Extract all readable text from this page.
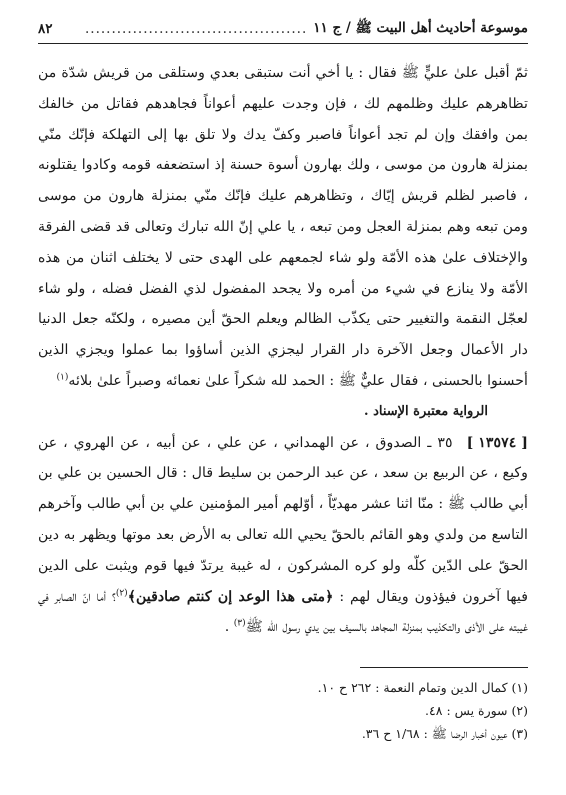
موسوعة أحاديث أهل البيت ﷺ / ج ١١
..........................................
٨٢

ثمّ أقبل علىٰ عليٍّ ﷺ فقال : يا أخي أنت ستبقى بعدي وستلقى من قريش شدّة من تظاهرهم عليك وظلمهم لك ، فإن وجدت عليهم أعواناً فجاهدهم فقاتل من خالفك بمن وافقك وإن لم تجد أعواناً فاصبر وكفّ يدك ولا تلق بها إلى التهلكة فإنّك منّي بمنزلة هارون من موسى ، ولك بهارون أسوة حسنة إذ استضعفه قومه وكادوا يقتلونه ، فاصبر لظلم قريش إيّاك ، وتظاهرهم عليك فإنّك منّي بمنزلة هارون من موسى ومن تبعه وهم بمنزلة العجل ومن تبعه ، يا علي إنّ الله تبارك وتعالى قد قضى الفرقة والإختلاف علىٰ هذه الأمّة ولو شاء لجمعهم على الهدى حتى لا يختلف اثنان من هذه الأمّة ولا ينازع في شيء من أمره ولا يجحد المفضول لذي الفضل فضله ، ولو شاء لعجّل النقمة والتغيير حتى يكذّب الظالم ويعلم الحقّ أين مصيره ، ولكنّه جعل الدنيا دار الأعمال وجعل الآخرة دار القرار ليجزي الذين أساؤوا بما عملوا ويجزي الذين أحسنوا بالحسنى ، فقال عليٌّ ﷺ : الحمد لله شكراً علىٰ نعمائه وصبراً علىٰ بلائه$^{(١)}$

الرواية معتبرة الإسناد .

[ ١٣٥٧٤ ]٣٥ ـ الصدوق ، عن الهمداني ، عن علي ، عن أبيه ، عن الهروي ، عن وكيع ، عن الربيع بن سعد ، عن عبد الرحمن بن سليط قال : قال الحسين بن علي بن أبي طالب ﷺ : منّا اثنا عشر مهديّاً ، أوّلهم أمير المؤمنين علي بن أبي طالب وآخرهم التاسع من ولدي وهو القائم بالحقّ يحيي الله تعالى به الأرض بعد موتها ويظهر به دين الحقّ على الدّين كلّه ولو كره المشركون ، له غيبة يرتدّ فيها قوم ويثبت على الدين فيها آخرون فيؤذون ويقال لهم : ﴿متى هذا الوعد إن كنتم صادقين﴾$^{(٢)}$؟ أما انّ الصابر في غيبته على الأذى والتكذيب بمنزلة المجاهد بالسيف بين يدي رسول الله ﷺ$^{(٣)}$ .

(١) كمال الدين وتمام النعمة : ٢٦٢ ح ١٠.
(٢) سورة يس : ٤٨.
(٣) عيون أخبار الرضا ﷺ : ١/٦٨ ح ٣٦.
